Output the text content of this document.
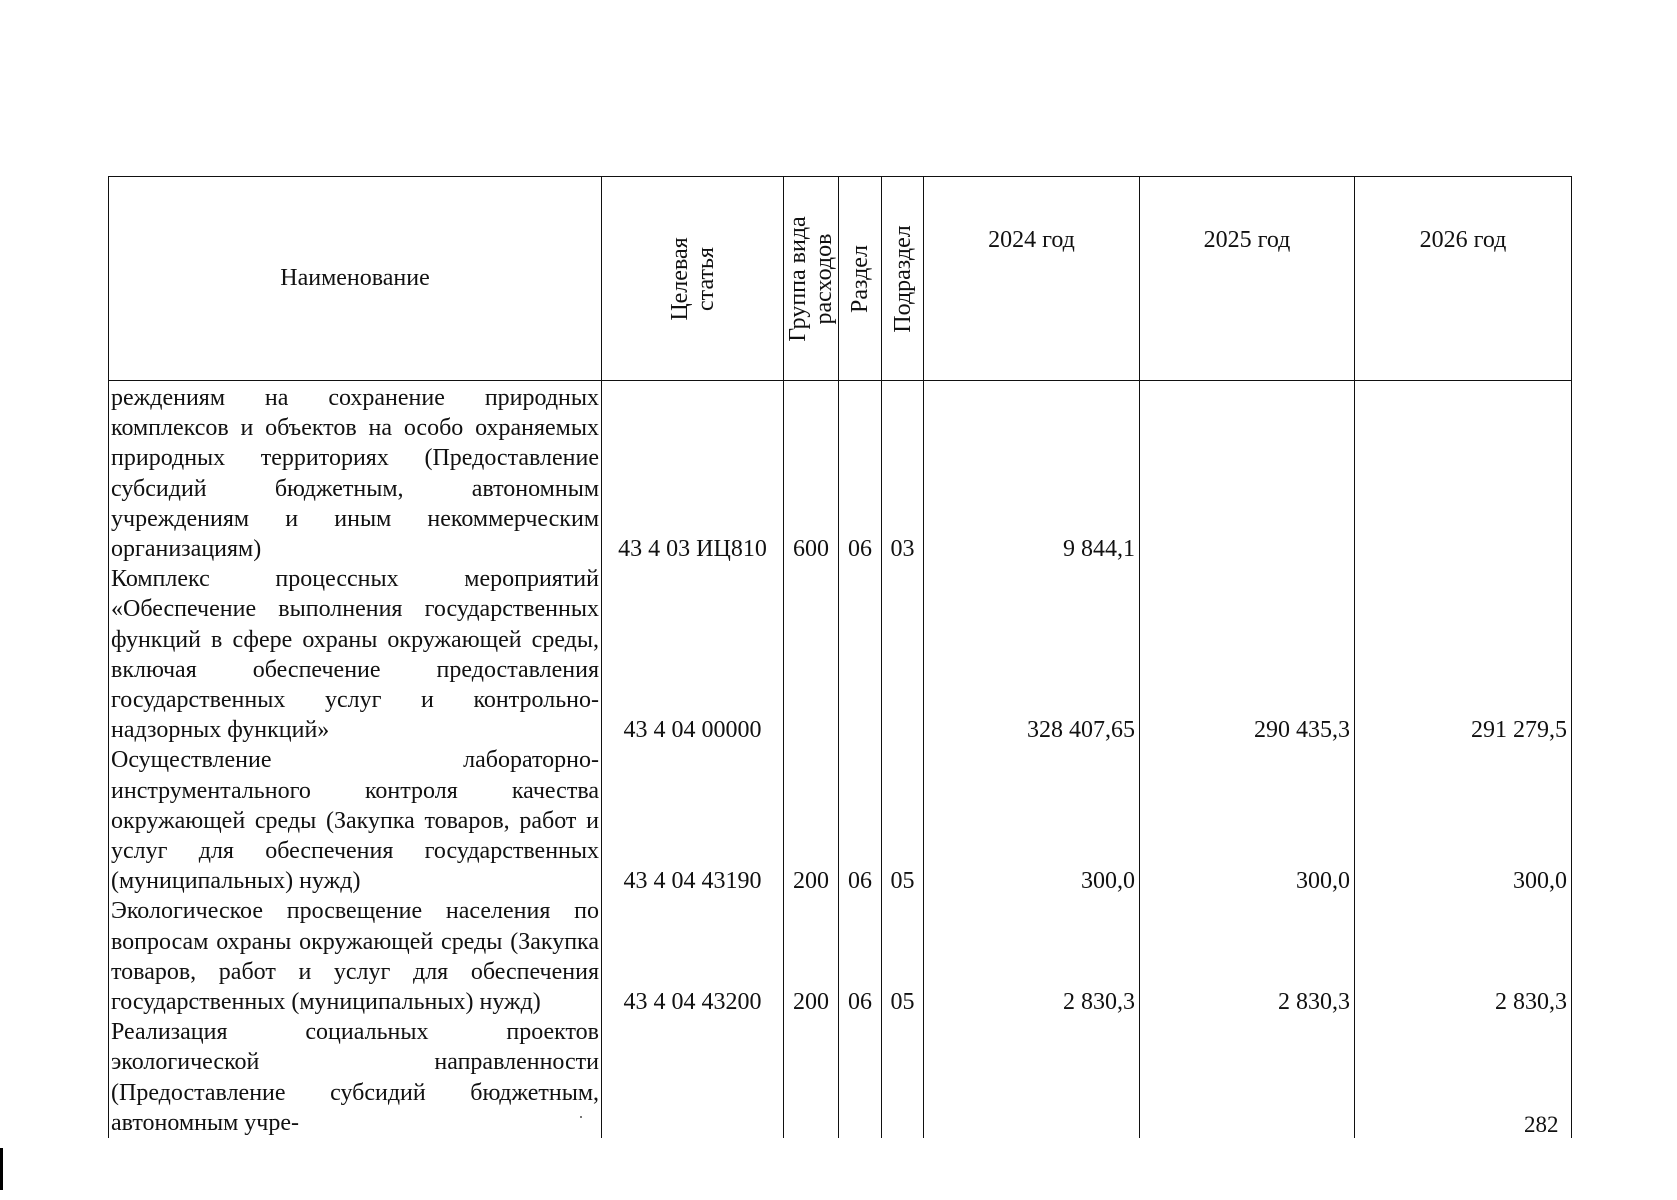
Наименование	Целевая статья	Группа вида расходов	Раздел	Подраздел	2024 год	2025 год	2026 год

реждениям на сохранение природных комплексов и объектов на особо охраняемых природных территориях (Предоставление субсидий бюджетным, автономным учреждениям и иным некоммерческим организациям)	43 4 03 ИЦ810	600	06	03	9 844,1		

Комплекс процессных мероприятий «Обеспечение выполнения государственных функций в сфере охраны окружающей среды, включая обеспечение предоставления государственных услуг и контрольно-надзорных функций»	43 4 04 00000				328 407,65	290 435,3	291 279,5

Осуществление лабораторно-инструментального контроля качества окружающей среды (Закупка товаров, работ и услуг для обеспечения государственных (муниципальных) нужд)	43 4 04 43190	200	06	05	300,0	300,0	300,0

Экологическое просвещение населения по вопросам охраны окружающей среды (Закупка товаров, работ и услуг для обеспечения государственных (муниципальных) нужд)	43 4 04 43200	200	06	05	2 830,3	2 830,3	2 830,3

Реализация социальных проектов экологической направленности (Предоставление субсидий бюджетным, автономным учре-							
								282
